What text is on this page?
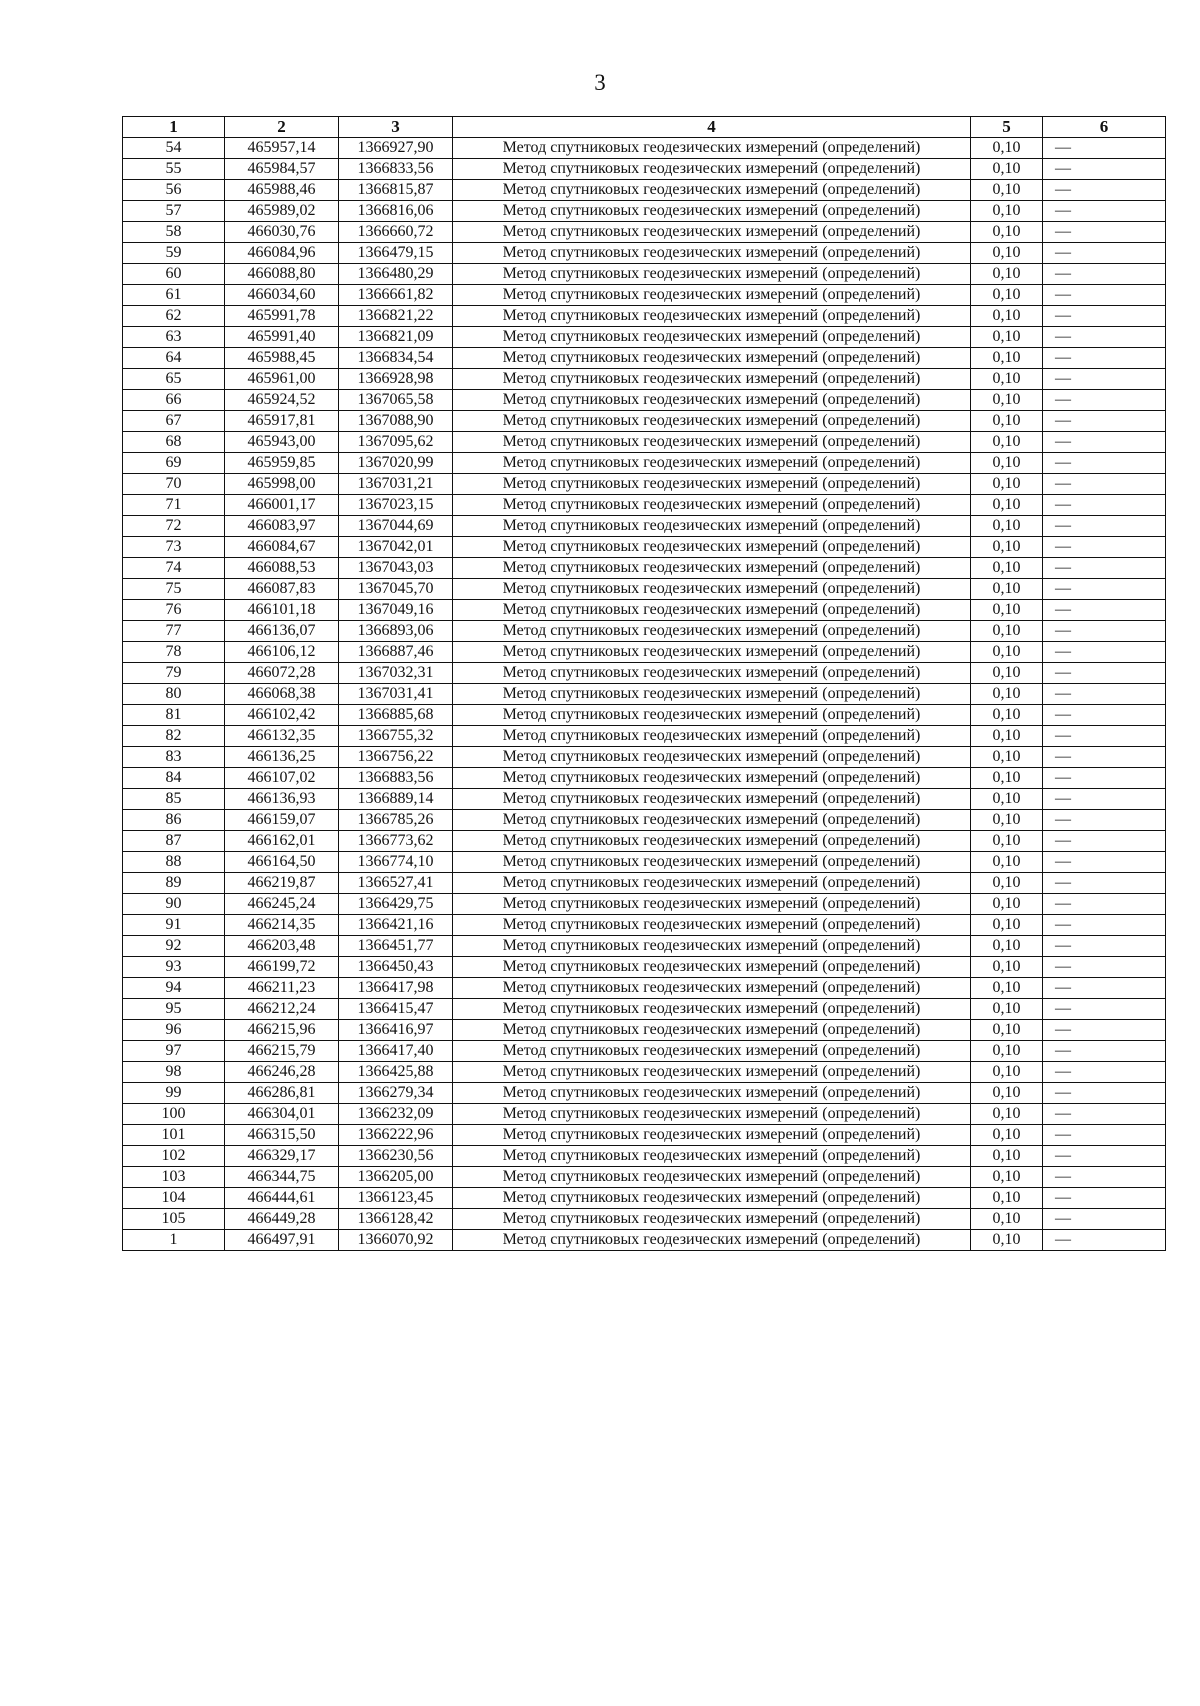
3
1	2	3	4	5	6
54	465957,14	1366927,90	Метод спутниковых геодезических измерений (определений)	0,10	—
55	465984,57	1366833,56	Метод спутниковых геодезических измерений (определений)	0,10	—
56	465988,46	1366815,87	Метод спутниковых геодезических измерений (определений)	0,10	—
57	465989,02	1366816,06	Метод спутниковых геодезических измерений (определений)	0,10	—
58	466030,76	1366660,72	Метод спутниковых геодезических измерений (определений)	0,10	—
59	466084,96	1366479,15	Метод спутниковых геодезических измерений (определений)	0,10	—
60	466088,80	1366480,29	Метод спутниковых геодезических измерений (определений)	0,10	—
61	466034,60	1366661,82	Метод спутниковых геодезических измерений (определений)	0,10	—
62	465991,78	1366821,22	Метод спутниковых геодезических измерений (определений)	0,10	—
63	465991,40	1366821,09	Метод спутниковых геодезических измерений (определений)	0,10	—
64	465988,45	1366834,54	Метод спутниковых геодезических измерений (определений)	0,10	—
65	465961,00	1366928,98	Метод спутниковых геодезических измерений (определений)	0,10	—
66	465924,52	1367065,58	Метод спутниковых геодезических измерений (определений)	0,10	—
67	465917,81	1367088,90	Метод спутниковых геодезических измерений (определений)	0,10	—
68	465943,00	1367095,62	Метод спутниковых геодезических измерений (определений)	0,10	—
69	465959,85	1367020,99	Метод спутниковых геодезических измерений (определений)	0,10	—
70	465998,00	1367031,21	Метод спутниковых геодезических измерений (определений)	0,10	—
71	466001,17	1367023,15	Метод спутниковых геодезических измерений (определений)	0,10	—
72	466083,97	1367044,69	Метод спутниковых геодезических измерений (определений)	0,10	—
73	466084,67	1367042,01	Метод спутниковых геодезических измерений (определений)	0,10	—
74	466088,53	1367043,03	Метод спутниковых геодезических измерений (определений)	0,10	—
75	466087,83	1367045,70	Метод спутниковых геодезических измерений (определений)	0,10	—
76	466101,18	1367049,16	Метод спутниковых геодезических измерений (определений)	0,10	—
77	466136,07	1366893,06	Метод спутниковых геодезических измерений (определений)	0,10	—
78	466106,12	1366887,46	Метод спутниковых геодезических измерений (определений)	0,10	—
79	466072,28	1367032,31	Метод спутниковых геодезических измерений (определений)	0,10	—
80	466068,38	1367031,41	Метод спутниковых геодезических измерений (определений)	0,10	—
81	466102,42	1366885,68	Метод спутниковых геодезических измерений (определений)	0,10	—
82	466132,35	1366755,32	Метод спутниковых геодезических измерений (определений)	0,10	—
83	466136,25	1366756,22	Метод спутниковых геодезических измерений (определений)	0,10	—
84	466107,02	1366883,56	Метод спутниковых геодезических измерений (определений)	0,10	—
85	466136,93	1366889,14	Метод спутниковых геодезических измерений (определений)	0,10	—
86	466159,07	1366785,26	Метод спутниковых геодезических измерений (определений)	0,10	—
87	466162,01	1366773,62	Метод спутниковых геодезических измерений (определений)	0,10	—
88	466164,50	1366774,10	Метод спутниковых геодезических измерений (определений)	0,10	—
89	466219,87	1366527,41	Метод спутниковых геодезических измерений (определений)	0,10	—
90	466245,24	1366429,75	Метод спутниковых геодезических измерений (определений)	0,10	—
91	466214,35	1366421,16	Метод спутниковых геодезических измерений (определений)	0,10	—
92	466203,48	1366451,77	Метод спутниковых геодезических измерений (определений)	0,10	—
93	466199,72	1366450,43	Метод спутниковых геодезических измерений (определений)	0,10	—
94	466211,23	1366417,98	Метод спутниковых геодезических измерений (определений)	0,10	—
95	466212,24	1366415,47	Метод спутниковых геодезических измерений (определений)	0,10	—
96	466215,96	1366416,97	Метод спутниковых геодезических измерений (определений)	0,10	—
97	466215,79	1366417,40	Метод спутниковых геодезических измерений (определений)	0,10	—
98	466246,28	1366425,88	Метод спутниковых геодезических измерений (определений)	0,10	—
99	466286,81	1366279,34	Метод спутниковых геодезических измерений (определений)	0,10	—
100	466304,01	1366232,09	Метод спутниковых геодезических измерений (определений)	0,10	—
101	466315,50	1366222,96	Метод спутниковых геодезических измерений (определений)	0,10	—
102	466329,17	1366230,56	Метод спутниковых геодезических измерений (определений)	0,10	—
103	466344,75	1366205,00	Метод спутниковых геодезических измерений (определений)	0,10	—
104	466444,61	1366123,45	Метод спутниковых геодезических измерений (определений)	0,10	—
105	466449,28	1366128,42	Метод спутниковых геодезических измерений (определений)	0,10	—
1	466497,91	1366070,92	Метод спутниковых геодезических измерений (определений)	0,10	—
